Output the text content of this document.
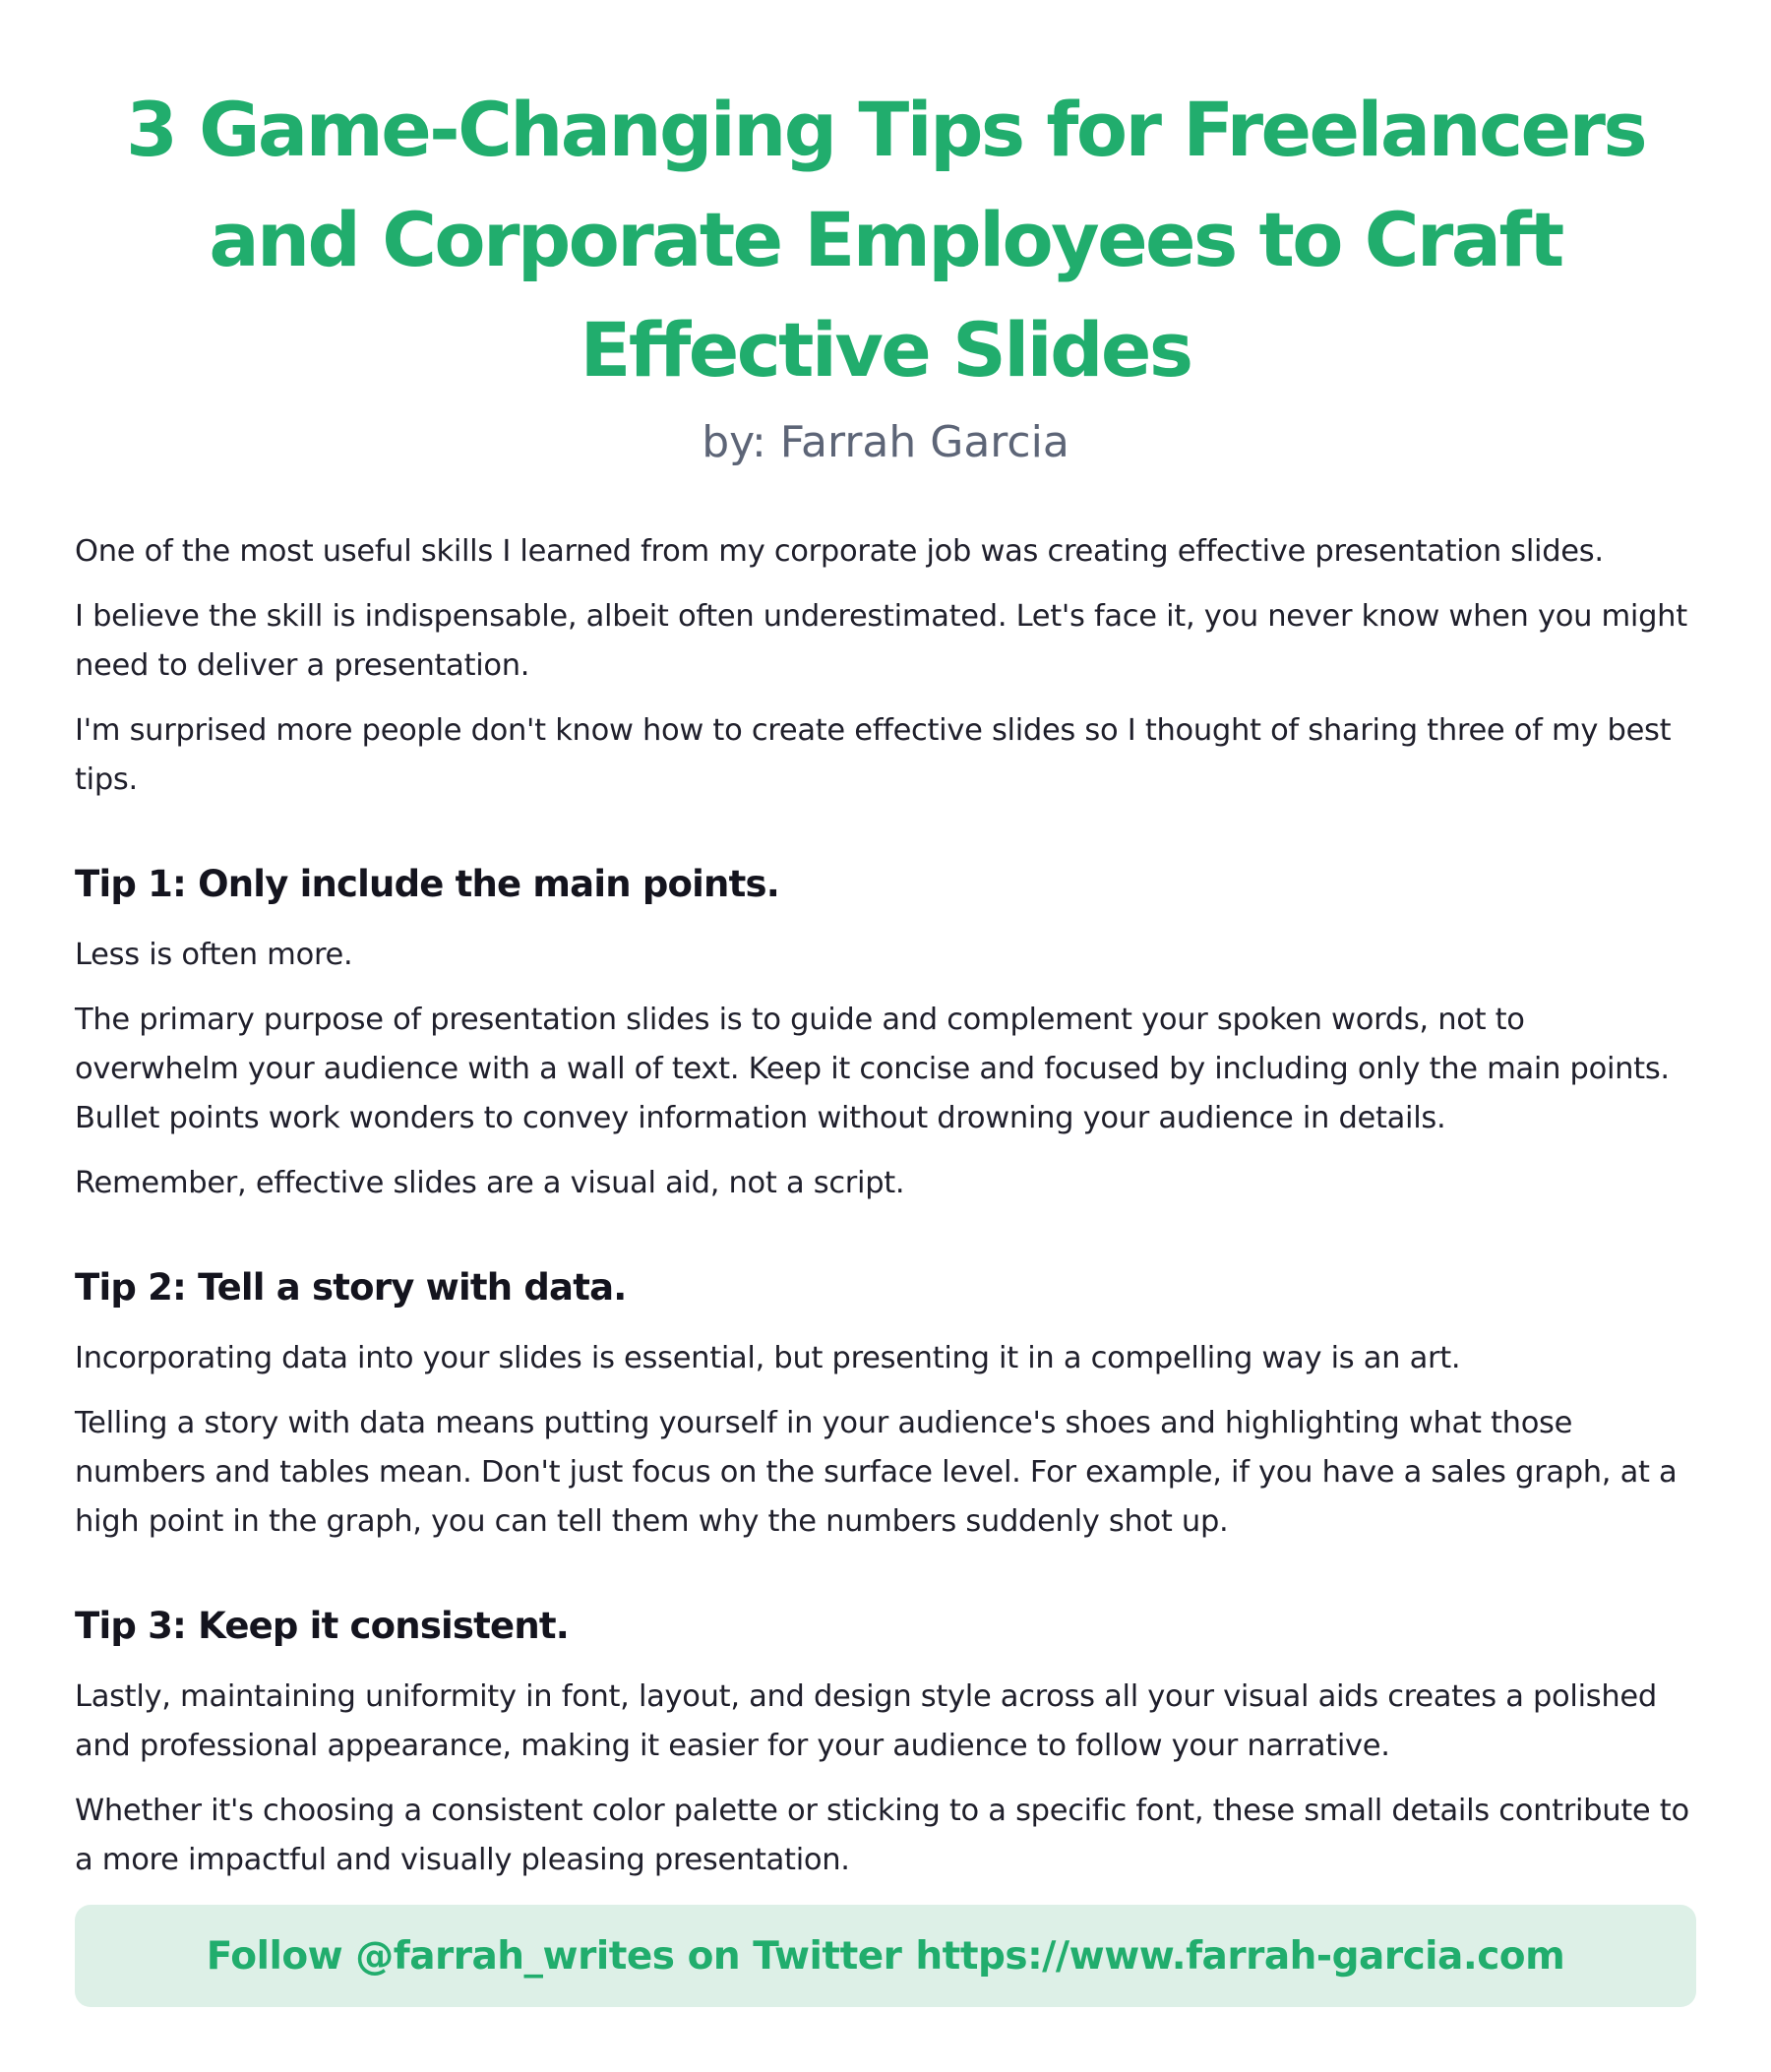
3 Game-Changing Tips for Freelancers and Corporate Employees to Craft Effective Slides
by: Farrah Garcia

One of the most useful skills I learned from my corporate job was creating effective presentation slides.

I believe the skill is indispensable, albeit often underestimated. Let's face it, you never know when you might need to deliver a presentation.

I'm surprised more people don't know how to create effective slides so I thought of sharing three of my best tips.

Tip 1: Only include the main points.

Less is often more.

The primary purpose of presentation slides is to guide and complement your spoken words, not to overwhelm your audience with a wall of text. Keep it concise and focused by including only the main points. Bullet points work wonders to convey information without drowning your audience in details.

Remember, effective slides are a visual aid, not a script.

Tip 2: Tell a story with data.

Incorporating data into your slides is essential, but presenting it in a compelling way is an art.

Telling a story with data means putting yourself in your audience's shoes and highlighting what those numbers and tables mean. Don't just focus on the surface level. For example, if you have a sales graph, at a high point in the graph, you can tell them why the numbers suddenly shot up.

Tip 3: Keep it consistent.

Lastly, maintaining uniformity in font, layout, and design style across all your visual aids creates a polished and professional appearance, making it easier for your audience to follow your narrative.

Whether it's choosing a consistent color palette or sticking to a specific font, these small details contribute to a more impactful and visually pleasing presentation.

Follow @farrah_writes on Twitter https://www.farrah-garcia.com
